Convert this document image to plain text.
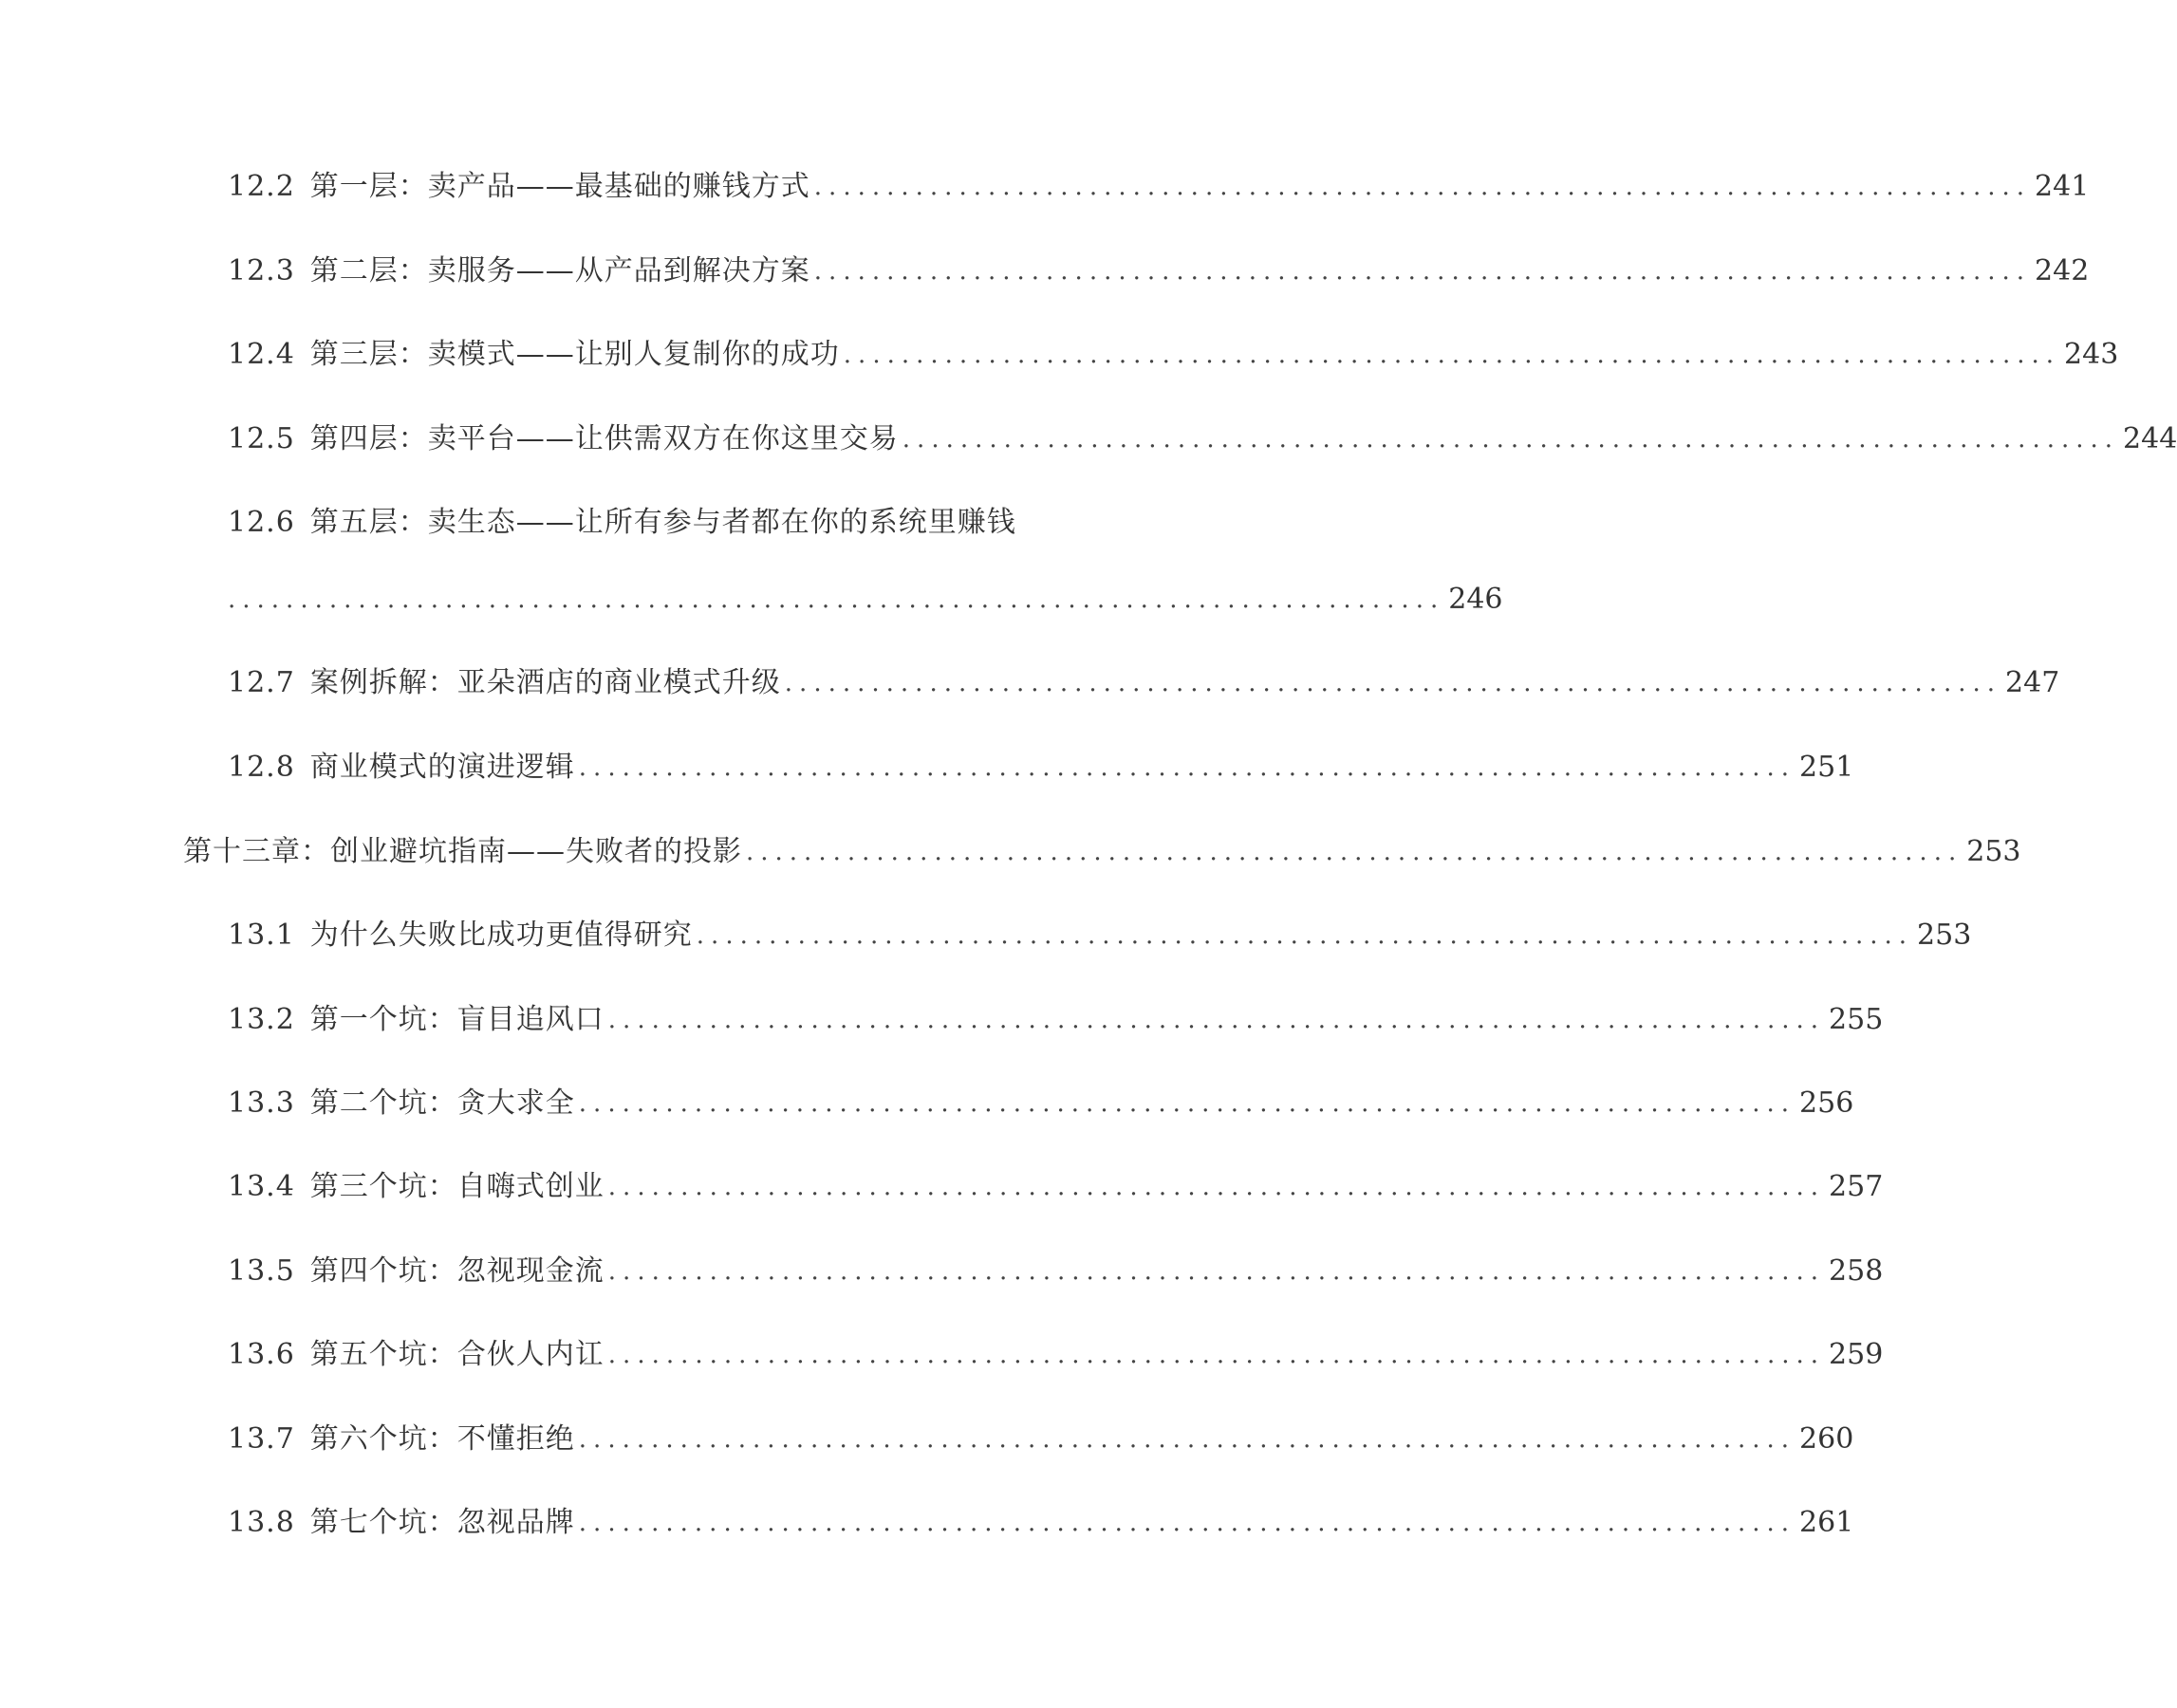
12.2 第一层：卖产品——最基础的赚钱方式 .................................................................................... 241
12.3 第二层：卖服务——从产品到解决方案 .................................................................................... 242
12.4 第三层：卖模式——让别人复制你的成功 .................................................................................... 243
12.5 第四层：卖平台——让供需双方在你这里交易 .................................................................................... 244
12.6 第五层：卖生态——让所有参与者都在你的系统里赚钱
.................................................................................... 246
12.7 案例拆解：亚朵酒店的商业模式升级 .................................................................................... 247
12.8 商业模式的演进逻辑 .................................................................................... 251
第十三章：创业避坑指南——失败者的投影 .................................................................................... 253
13.1 为什么失败比成功更值得研究 .................................................................................... 253
13.2 第一个坑：盲目追风口 .................................................................................... 255
13.3 第二个坑：贪大求全 .................................................................................... 256
13.4 第三个坑：自嗨式创业 .................................................................................... 257
13.5 第四个坑：忽视现金流 .................................................................................... 258
13.6 第五个坑：合伙人内讧 .................................................................................... 259
13.7 第六个坑：不懂拒绝 .................................................................................... 260
13.8 第七个坑：忽视品牌 .................................................................................... 261
